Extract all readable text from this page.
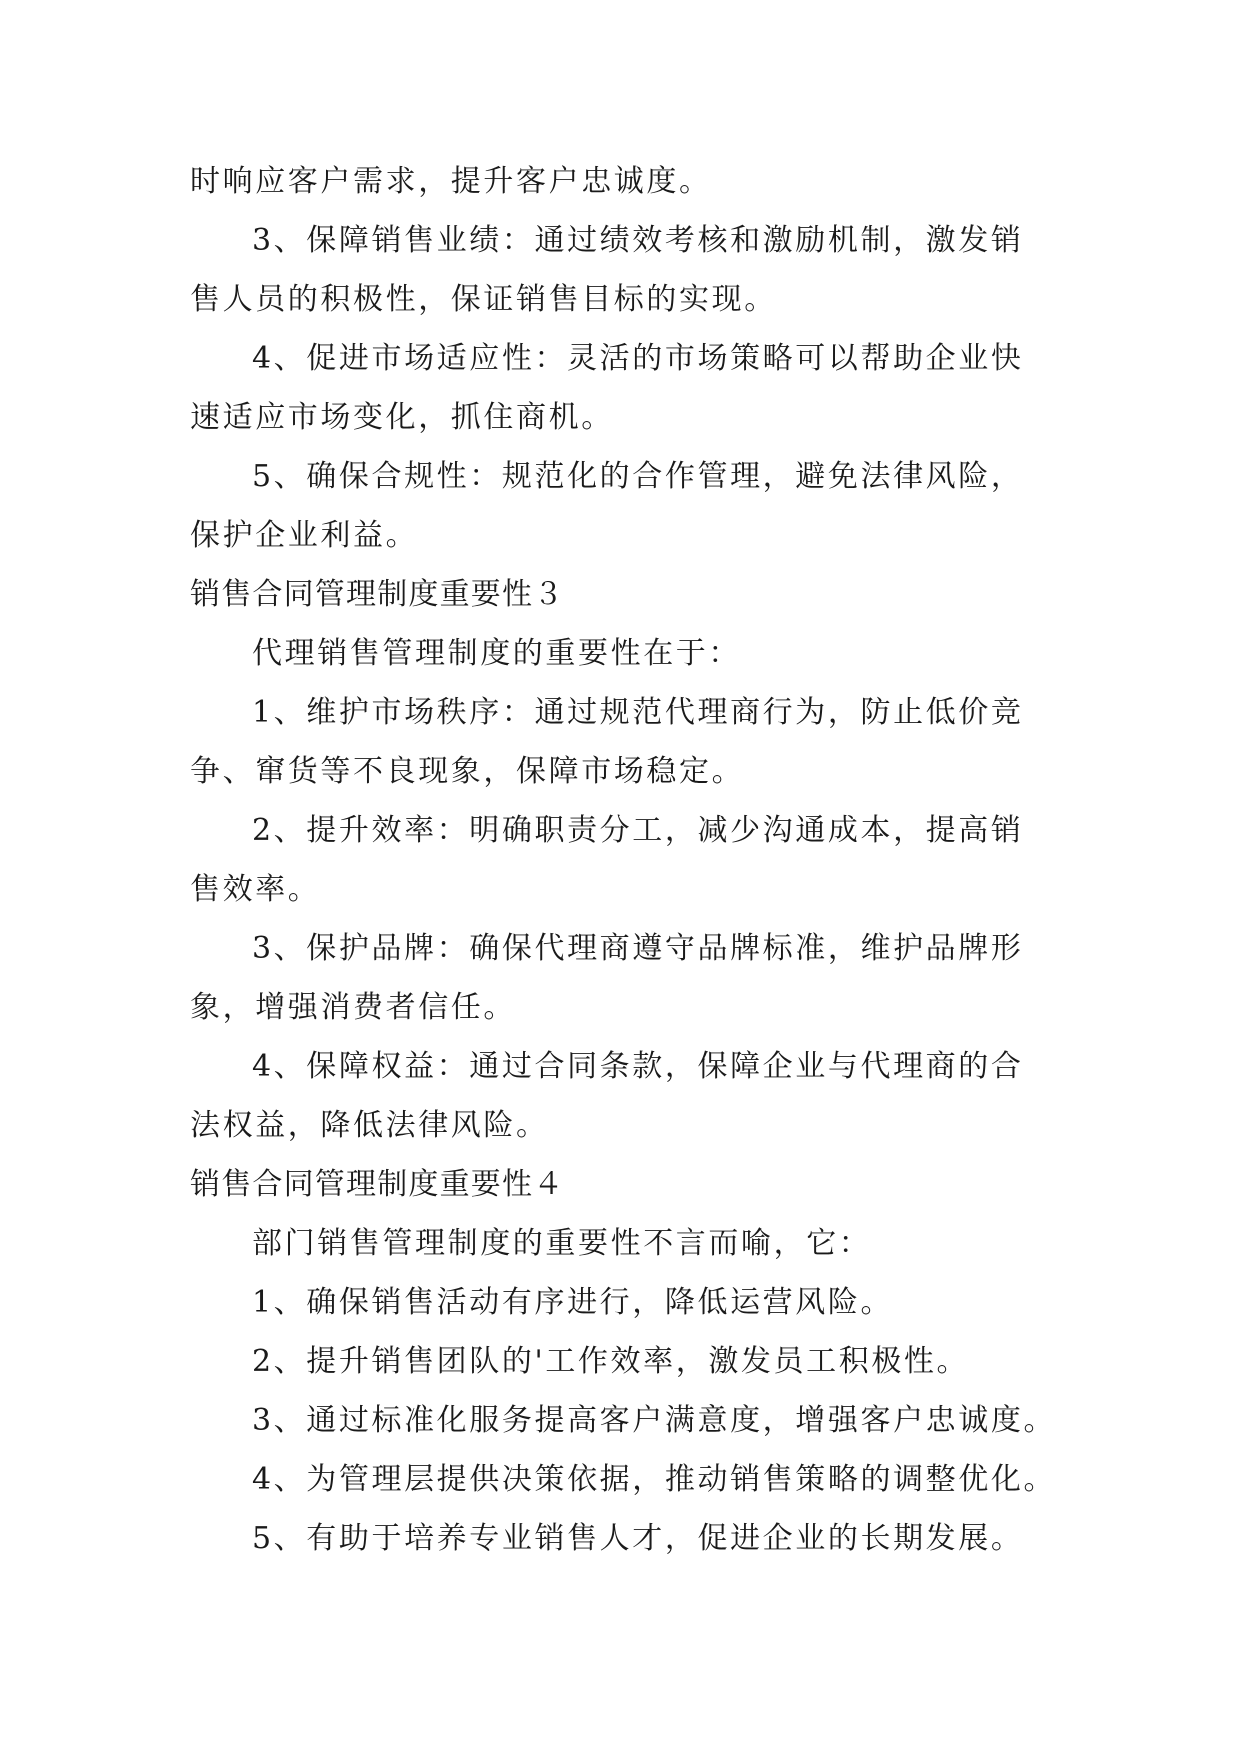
时响应客户需求，提升客户忠诚度。
3、保障销售业绩：通过绩效考核和激励机制，激发销
售人员的积极性，保证销售目标的实现。
4、促进市场适应性：灵活的市场策略可以帮助企业快
速适应市场变化，抓住商机。
5、确保合规性：规范化的合作管理，避免法律风险，
保护企业利益。
销售合同管理制度重要性３
代理销售管理制度的重要性在于：
1、维护市场秩序：通过规范代理商行为，防止低价竞
争、窜货等不良现象，保障市场稳定。
2、提升效率：明确职责分工，减少沟通成本，提高销
售效率。
3、保护品牌：确保代理商遵守品牌标准，维护品牌形
象，增强消费者信任。
4、保障权益：通过合同条款，保障企业与代理商的合
法权益，降低法律风险。
销售合同管理制度重要性４
部门销售管理制度的重要性不言而喻，它：
1、确保销售活动有序进行，降低运营风险。
2、提升销售团队的'工作效率，激发员工积极性。
3、通过标准化服务提高客户满意度，增强客户忠诚度。
4、为管理层提供决策依据，推动销售策略的调整优化。
5、有助于培养专业销售人才，促进企业的长期发展。
